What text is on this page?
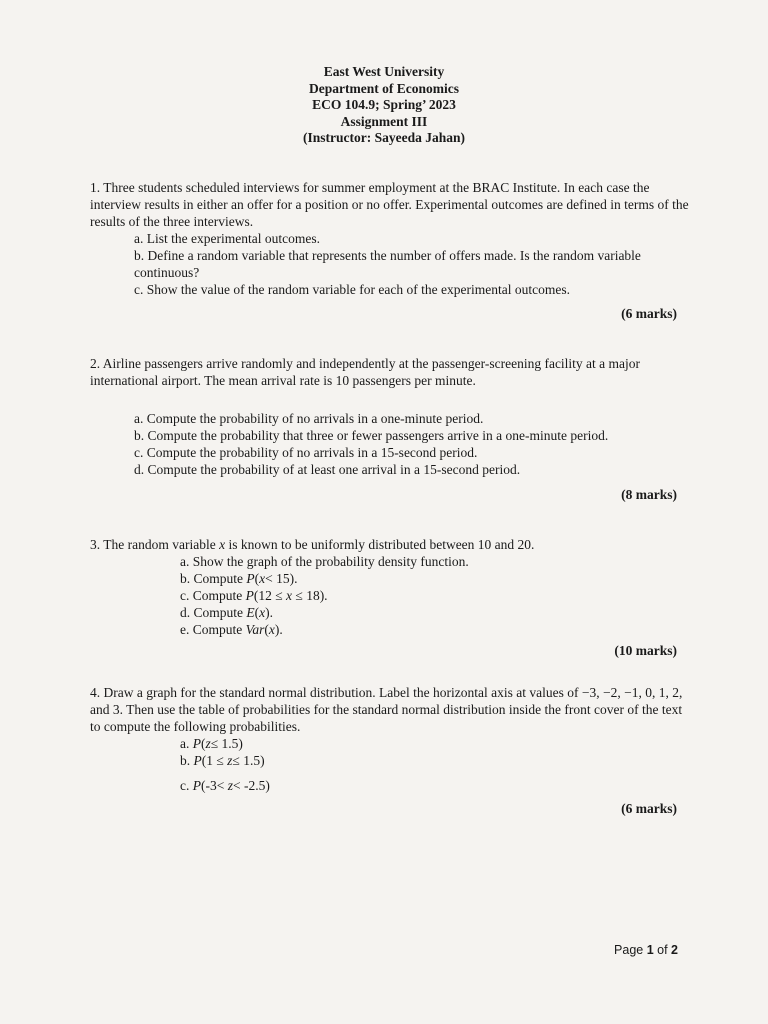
East West University
Department of Economics
ECO 104.9; Spring’ 2023
Assignment III
(Instructor: Sayeeda Jahan)

1. Three students scheduled interviews for summer employment at the BRAC Institute. In each case the interview results in either an offer for a position or no offer. Experimental outcomes are defined in terms of the results of the three interviews.

a. List the experimental outcomes.
b. Define a random variable that represents the number of offers made. Is the random variable continuous?
c. Show the value of the random variable for each of the experimental outcomes.
(6 marks)

2. Airline passengers arrive randomly and independently at the passenger-screening facility at a major international airport. The mean arrival rate is 10 passengers per minute.

a. Compute the probability of no arrivals in a one-minute period.
b. Compute the probability that three or fewer passengers arrive in a one-minute period.
c. Compute the probability of no arrivals in a 15-second period.
d. Compute the probability of at least one arrival in a 15-second period.
(8 marks)

3. The random variable x is known to be uniformly distributed between 10 and 20.

a. Show the graph of the probability density function.
b. Compute P(x< 15).
c. Compute P(12 ≤ x ≤ 18).
d. Compute E(x).
e. Compute Var(x).
(10 marks)

4. Draw a graph for the standard normal distribution. Label the horizontal axis at values of −3, −2, −1, 0, 1, 2, and 3. Then use the table of probabilities for the standard normal distribution inside the front cover of the text to compute the following probabilities.

a. P(z≤ 1.5)
b. P(1 ≤ z≤ 1.5)
c. P(-3< z< -2.5)
(6 marks)
Page 1 of 2
